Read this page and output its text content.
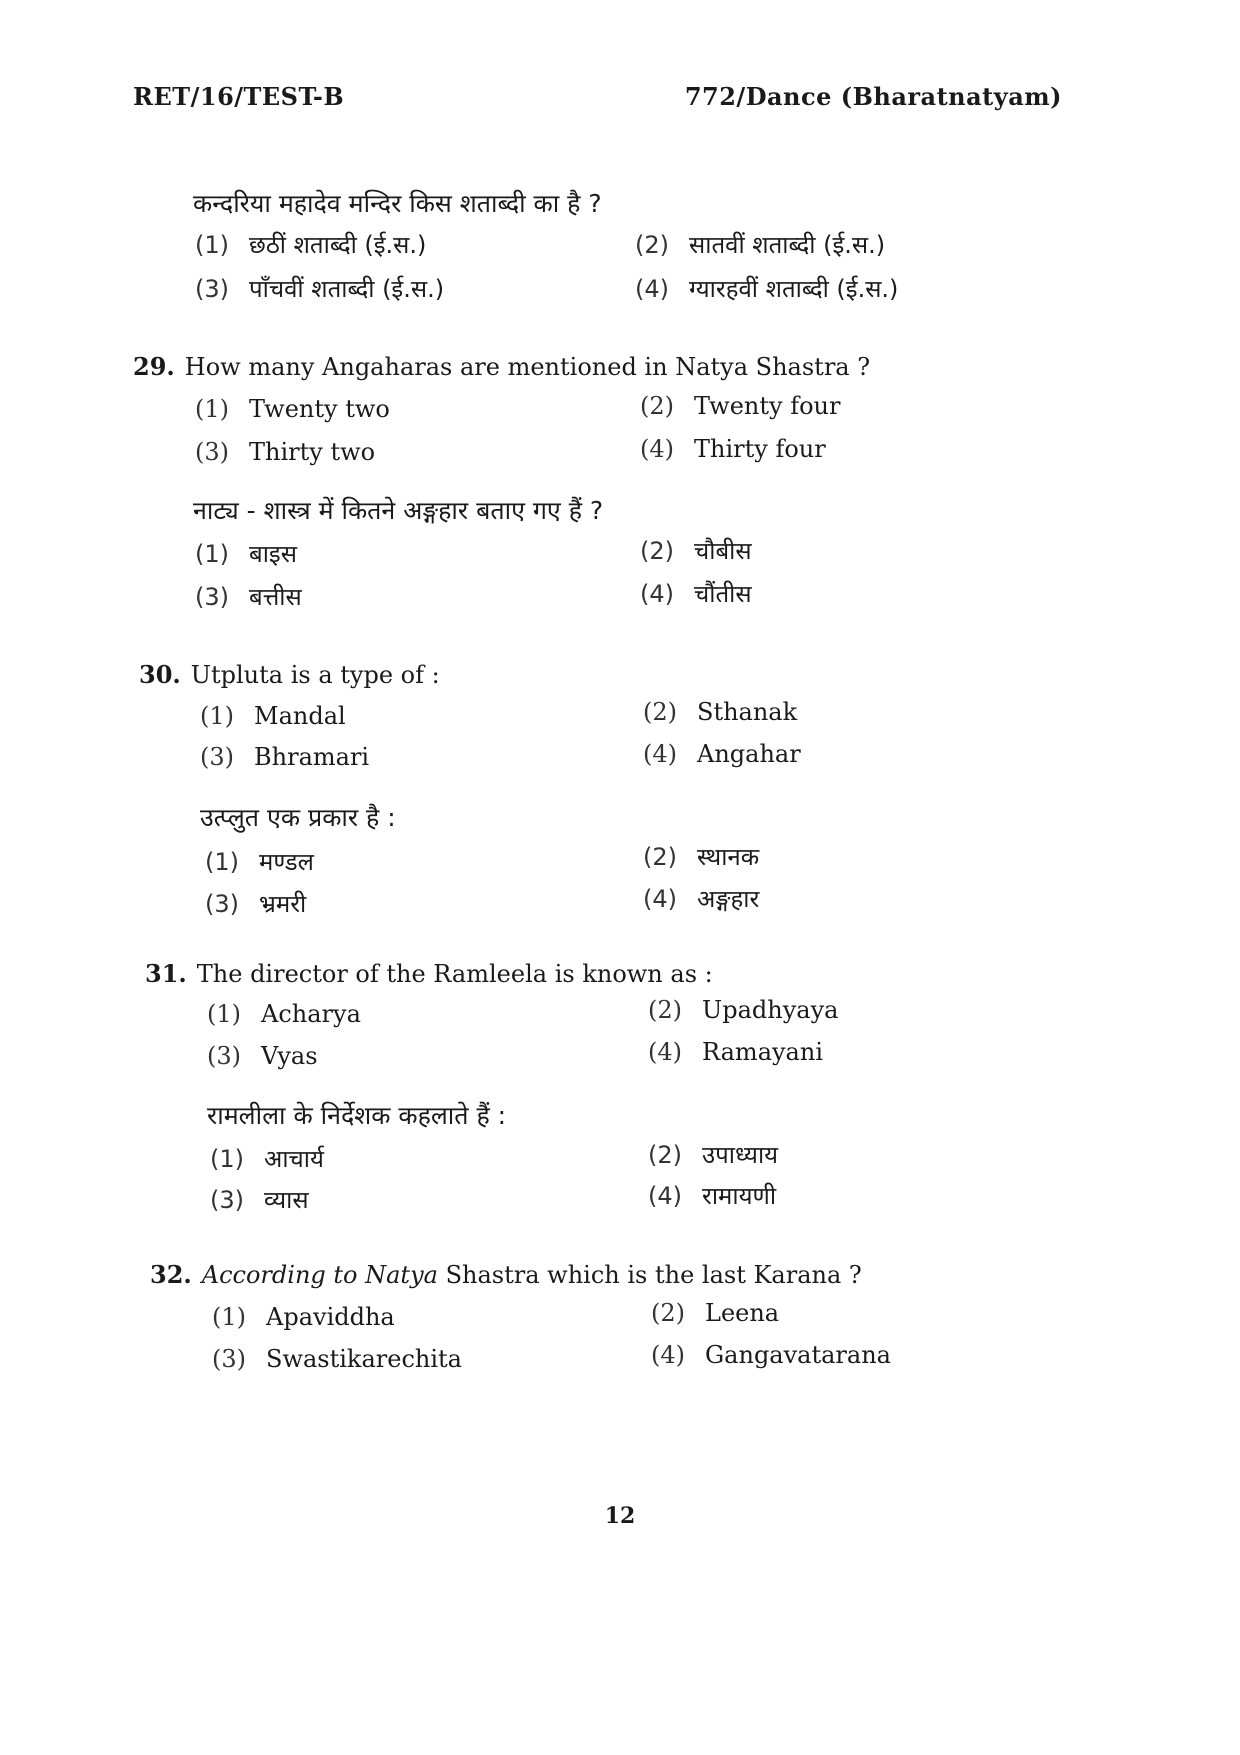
RET/16/TEST-B	772/Dance (Bharatnatyam)
कन्दरिया महादेव मन्दिर किस शताब्दी का है ?
(1) छठीं शताब्दी (ई.स.)	(2) सातवीं शताब्दी (ई.स.)
(3) पाँचवीं शताब्दी (ई.स.)	(4) ग्यारहवीं शताब्दी (ई.स.)
29. How many Angaharas are mentioned in Natya Shastra ?
(1) Twenty two	(2) Twenty four
(3) Thirty two	(4) Thirty four
नाट्य - शास्त्र में कितने अङ्गहार बताए गए हैं ?
(1) बाइस	(2) चौबीस
(3) बत्तीस	(4) चौंतीस
30. Utpluta is a type of :
(1) Mandal	(2) Sthanak
(3) Bhramari	(4) Angahar
उत्प्लुत एक प्रकार है :
(1) मण्डल	(2) स्थानक
(3) भ्रमरी	(4) अङ्गहार
31. The director of the Ramleela is known as :
(1) Acharya	(2) Upadhyaya
(3) Vyas	(4) Ramayani
रामलीला के निर्देशक कहलाते हैं :
(1) आचार्य	(2) उपाध्याय
(3) व्यास	(4) रामायणी
32. According to Natya Shastra which is the last Karana ?
(1) Apaviddha	(2) Leena
(3) Swastikarechita	(4) Gangavatarana
12
